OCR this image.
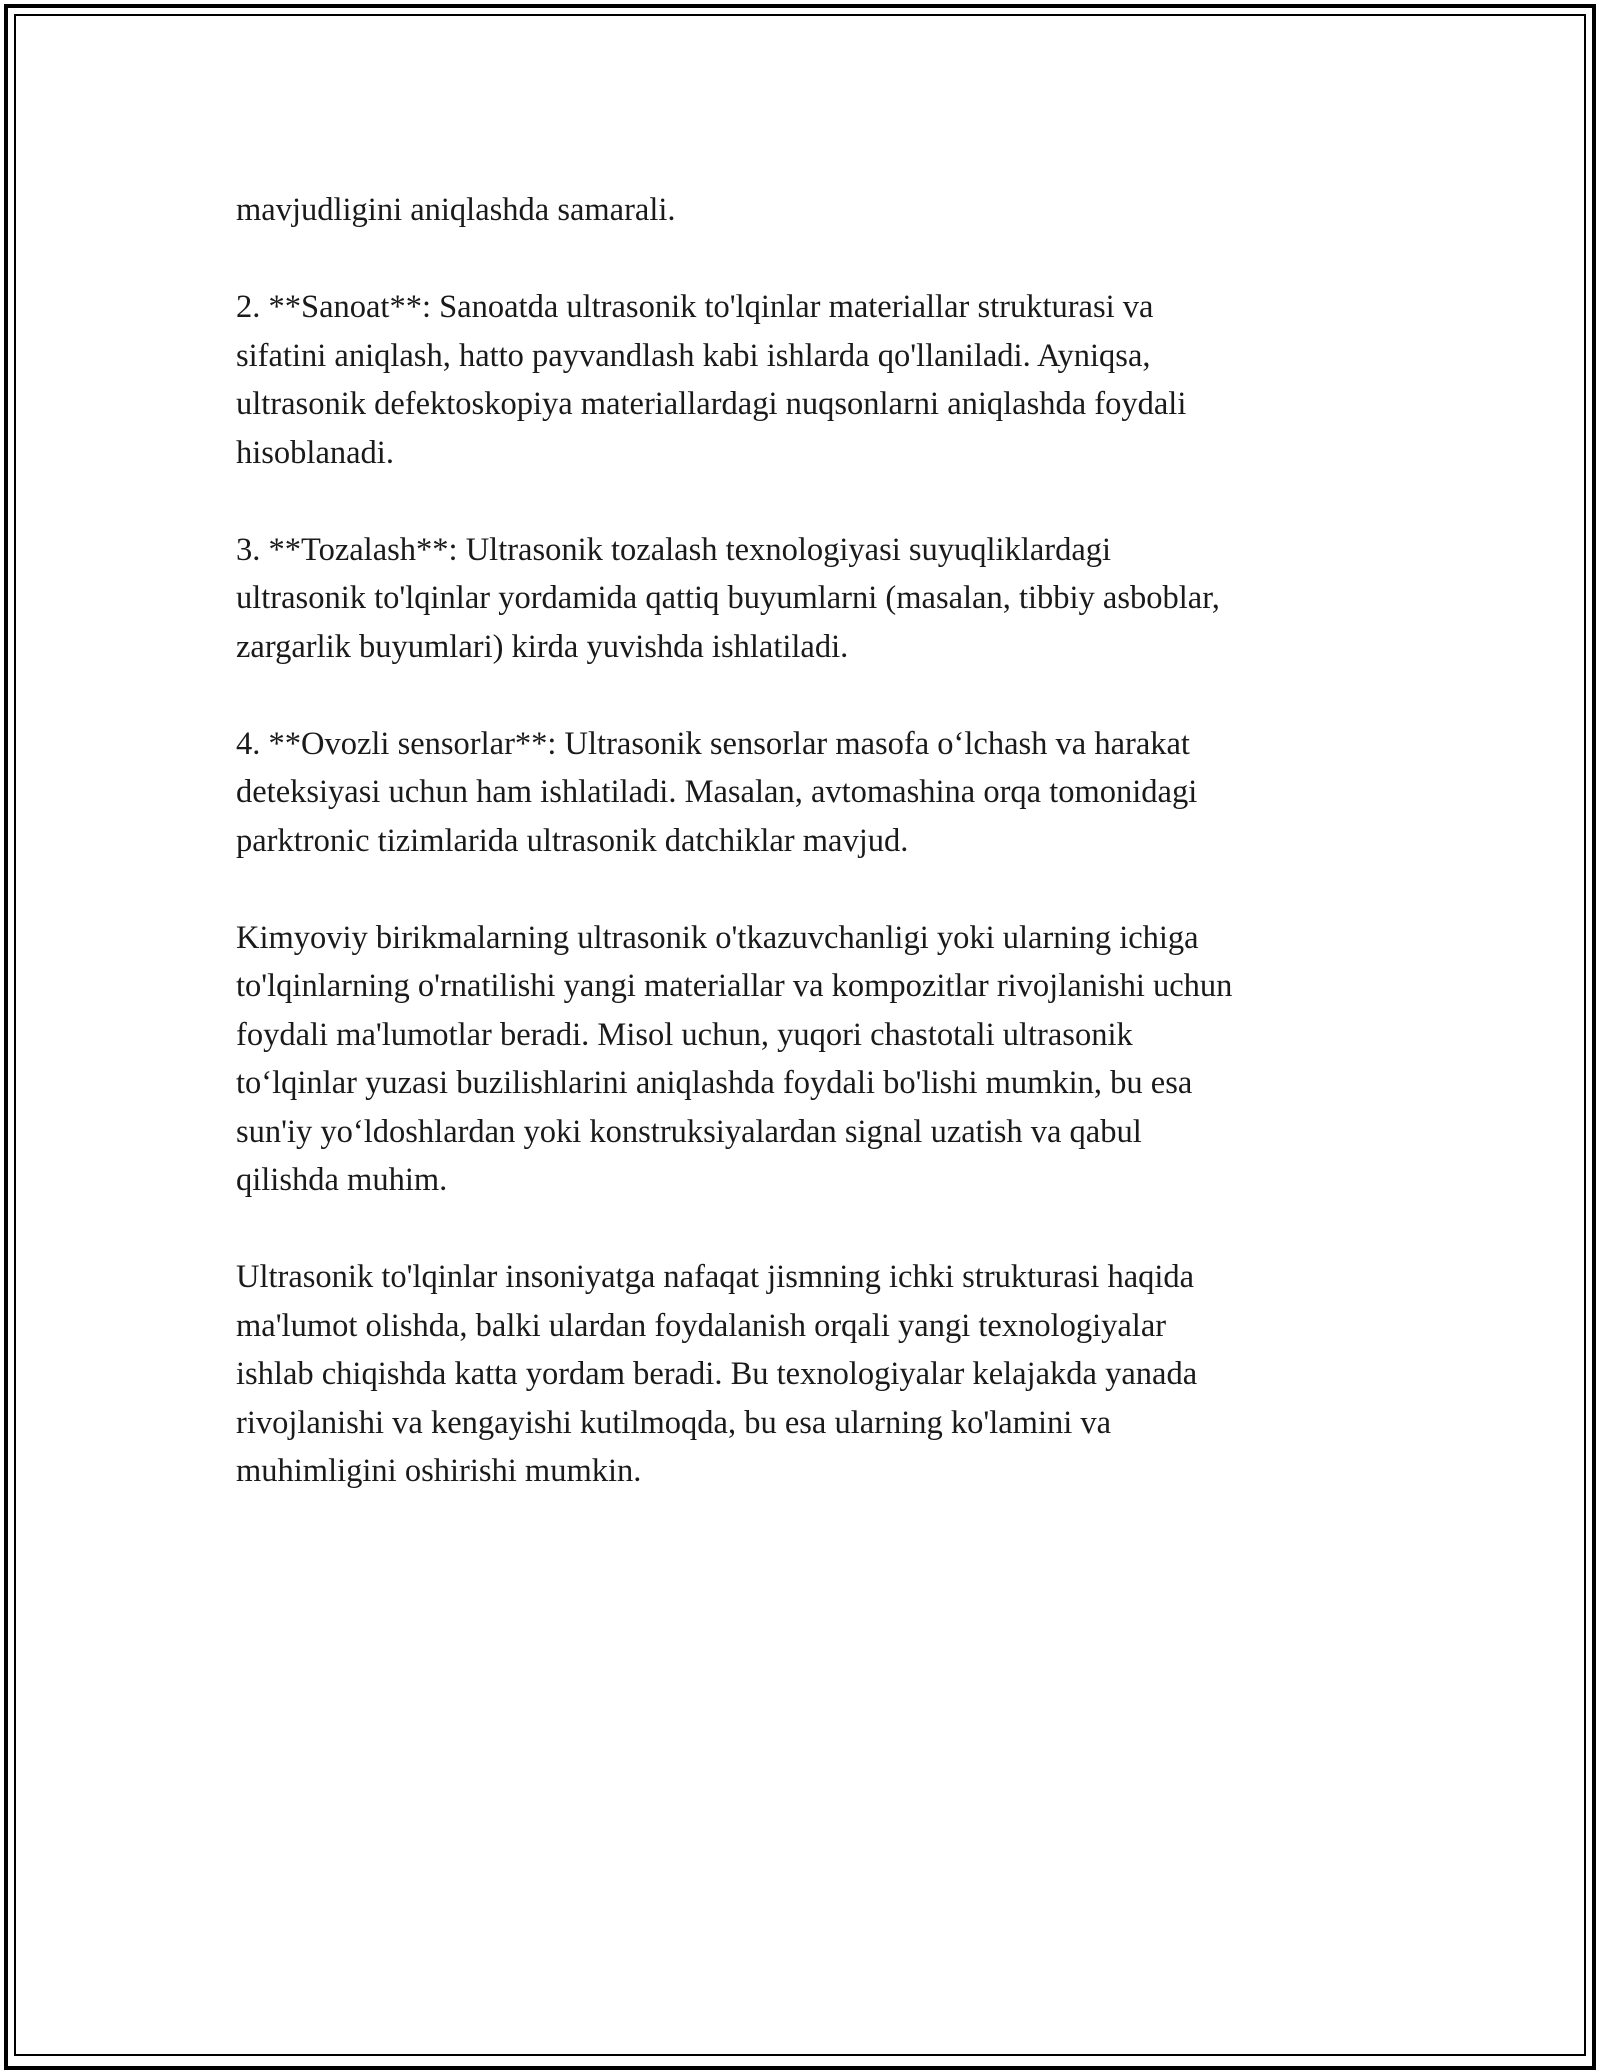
mavjudligini aniqlashda samarali.

2. **Sanoat**: Sanoatda ultrasonik to'lqinlar materiallar strukturasi va
sifatini aniqlash, hatto payvandlash kabi ishlarda qo'llaniladi. Ayniqsa,
ultrasonik defektoskopiya materiallardagi nuqsonlarni aniqlashda foydali
hisoblanadi.

3. **Tozalash**: Ultrasonik tozalash texnologiyasi suyuqliklardagi
ultrasonik to'lqinlar yordamida qattiq buyumlarni (masalan, tibbiy asboblar,
zargarlik buyumlari) kirda yuvishda ishlatiladi.

4. **Ovozli sensorlar**: Ultrasonik sensorlar masofa o‘lchash va harakat
deteksiyasi uchun ham ishlatiladi. Masalan, avtomashina orqa tomonidagi
parktronic tizimlarida ultrasonik datchiklar mavjud.

Kimyoviy birikmalarning ultrasonik o'tkazuvchanligi yoki ularning ichiga
to'lqinlarning o'rnatilishi yangi materiallar va kompozitlar rivojlanishi uchun
foydali ma'lumotlar beradi. Misol uchun, yuqori chastotali ultrasonik
to‘lqinlar yuzasi buzilishlarini aniqlashda foydali bo'lishi mumkin, bu esa
sun'iy yo‘ldoshlardan yoki konstruksiyalardan signal uzatish va qabul
qilishda muhim.

Ultrasonik to'lqinlar insoniyatga nafaqat jismning ichki strukturasi haqida
ma'lumot olishda, balki ulardan foydalanish orqali yangi texnologiyalar
ishlab chiqishda katta yordam beradi. Bu texnologiyalar kelajakda yanada
rivojlanishi va kengayishi kutilmoqda, bu esa ularning ko'lamini va
muhimligini oshirishi mumkin.
